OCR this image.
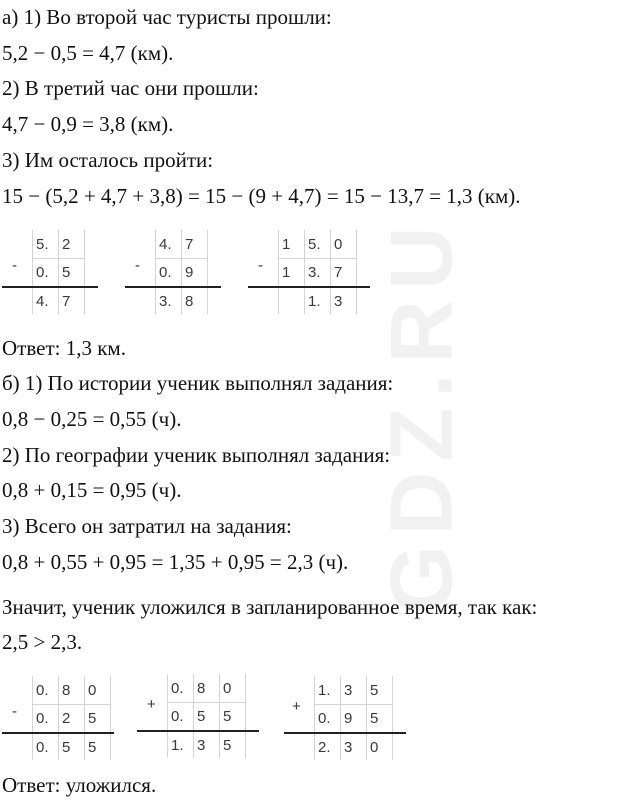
GDZ.RU
а) 1) Во второй час туристы прошли:
5,2 − 0,5 = 4,7 (км).
2) В третий час они прошли:
4,7 − 0,9 = 3,8 (км).
3) Им осталось пройти:
15 − (5,2 + 4,7 + 3,8) = 15 − (9 + 4,7) = 15 − 13,7 = 1,3 (км).
-
5. 2
0. 5
4. 7
-
4. 7
0. 9
3. 8
-
1	5. 0
1	3. 7
1. 3
Ответ: 1,3 км.
б) 1) По истории ученик выполнял задания:
0,8 − 0,25 = 0,55 (ч).
2) По географии ученик выполнял задания:
0,8 + 0,15 = 0,95 (ч).
3) Всего он затратил на задания:
0,8 + 0,55 + 0,95 = 1,35 + 0,95 = 2,3 (ч).
Значит, ученик уложился в запланированное время, так как:
2,5 > 2,3.
-
0. 8	0
0. 2	5
0. 5	5
+
0. 8	0
0. 5	5
1. 3	5
+
1. 3	5
0. 9	5
2. 3	0
Ответ: уложился.
